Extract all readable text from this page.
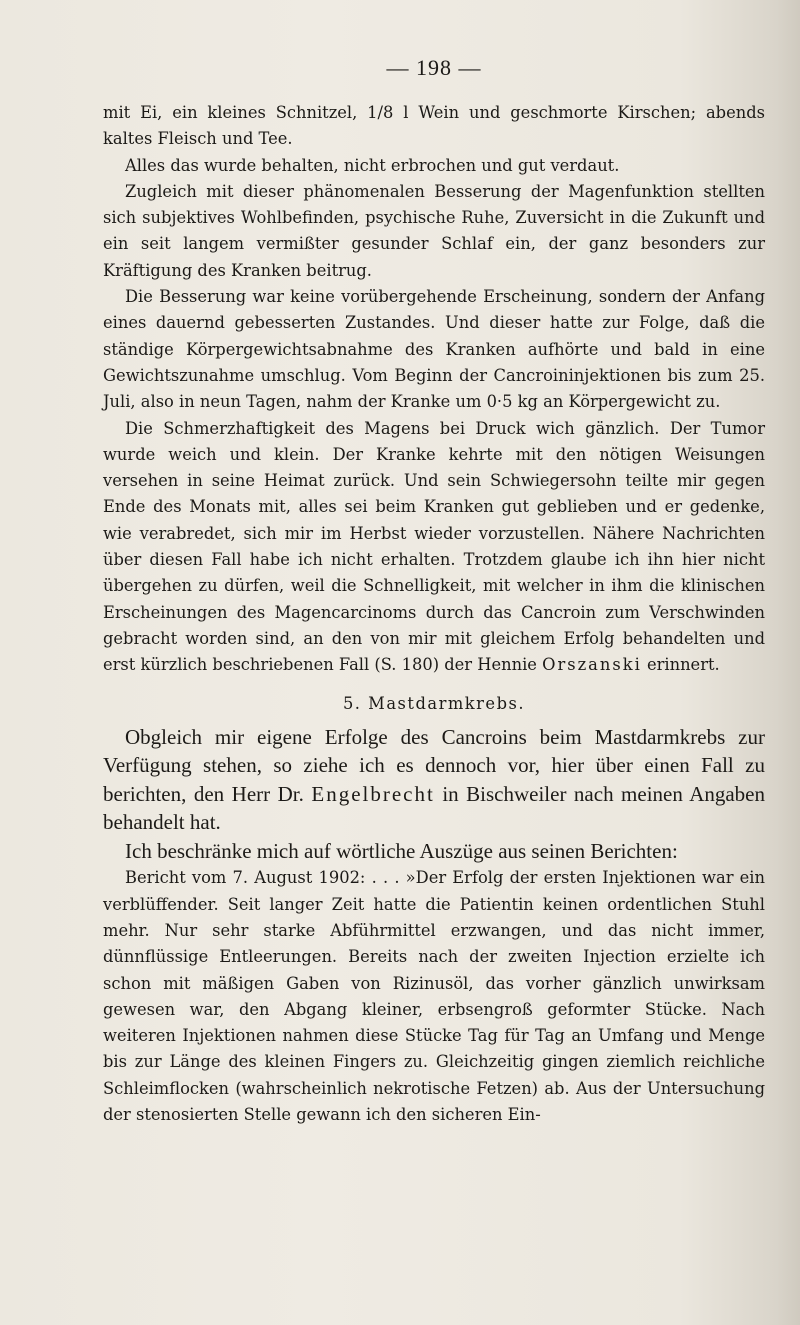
— 198 —

mit Ei, ein kleines Schnitzel, 1/8 l Wein und geschmorte Kirschen; abends kaltes Fleisch und Tee.

Alles das wurde behalten, nicht erbrochen und gut verdaut.

Zugleich mit dieser phänomenalen Besserung der Magenfunktion stellten sich subjektives Wohlbefinden, psychische Ruhe, Zuversicht in die Zukunft und ein seit langem vermißter gesunder Schlaf ein, der ganz besonders zur Kräftigung des Kranken beitrug.

Die Besserung war keine vorübergehende Erscheinung, sondern der Anfang eines dauernd gebesserten Zustandes. Und dieser hatte zur Folge, daß die ständige Körpergewichtsabnahme des Kranken aufhörte und bald in eine Gewichtszunahme umschlug. Vom Beginn der Cancroininjektionen bis zum 25. Juli, also in neun Tagen, nahm der Kranke um 0·5 kg an Körpergewicht zu.

Die Schmerzhaftigkeit des Magens bei Druck wich gänzlich. Der Tumor wurde weich und klein. Der Kranke kehrte mit den nötigen Weisungen versehen in seine Heimat zurück. Und sein Schwiegersohn teilte mir gegen Ende des Monats mit, alles sei beim Kranken gut geblieben und er gedenke, wie verabredet, sich mir im Herbst wieder vorzustellen. Nähere Nachrichten über diesen Fall habe ich nicht erhalten. Trotzdem glaube ich ihn hier nicht übergehen zu dürfen, weil die Schnelligkeit, mit welcher in ihm die klinischen Erscheinungen des Magencarcinoms durch das Cancroin zum Verschwinden gebracht worden sind, an den von mir mit gleichem Erfolg behandelten und erst kürzlich beschriebenen Fall (S. 180) der Hennie Orszanski erinnert.

5. Mastdarmkrebs.

Obgleich mir eigene Erfolge des Cancroins beim Mastdarmkrebs zur Verfügung stehen, so ziehe ich es dennoch vor, hier über einen Fall zu berichten, den Herr Dr. Engelbrecht in Bischweiler nach meinen Angaben behandelt hat.

Ich beschränke mich auf wörtliche Auszüge aus seinen Berichten:

Bericht vom 7. August 1902: . . . »Der Erfolg der ersten Injektionen war ein verblüffender. Seit langer Zeit hatte die Patientin keinen ordentlichen Stuhl mehr. Nur sehr starke Abführmittel erzwangen, und das nicht immer, dünnflüssige Entleerungen. Bereits nach der zweiten Injection erzielte ich schon mit mäßigen Gaben von Rizinusöl, das vorher gänzlich unwirksam gewesen war, den Abgang kleiner, erbsengroß geformter Stücke. Nach weiteren Injektionen nahmen diese Stücke Tag für Tag an Umfang und Menge bis zur Länge des kleinen Fingers zu. Gleichzeitig gingen ziemlich reichliche Schleimflocken (wahrscheinlich nekrotische Fetzen) ab. Aus der Untersuchung der stenosierten Stelle gewann ich den sicheren Ein-
